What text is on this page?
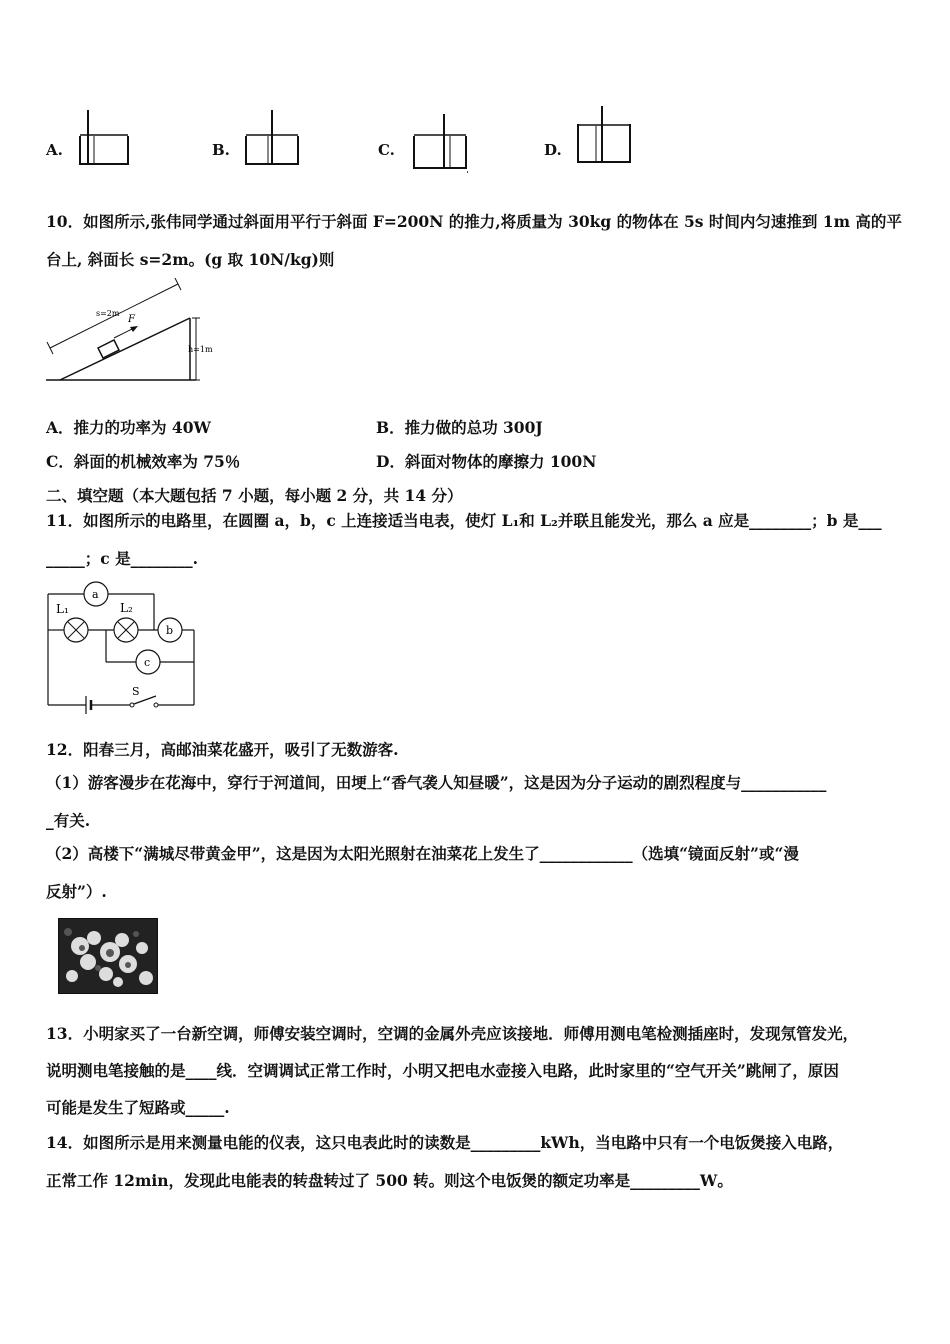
A.	B.	C.	D.
10．如图所示,张伟同学通过斜面用平行于斜面 F=200N 的推力,将质量为 30kg 的物体在 5s 时间内匀速推到 1m 高的平
台上, 斜面长 s=2m。(g 取 10N/kg)则
s=2m
F
h=1m
A．推力的功率为 40W	B．推力做的总功 300J
C．斜面的机械效率为 75％	D．斜面对物体的摩擦力 100N
二、填空题（本大题包括 7 小题，每小题 2 分，共 14 分）
11．如图所示的电路里，在圆圈 a，b，c 上连接适当电表，使灯 L₁和 L₂并联且能发光，那么 a 应是________；b 是___
_____；c 是________.
a
L₁	L₂
b
c
S
12．阳春三月，高邮油菜花盛开，吸引了无数游客.
（1）游客漫步在花海中，穿行于河道间，田埂上“香气袭人知昼暖”，这是因为分子运动的剧烈程度与___________
_有关.
（2）高楼下“满城尽带黄金甲”，这是因为太阳光照射在油菜花上发生了____________（选填“镜面反射”或“漫
反射”）.
13．小明家买了一台新空调，师傅安装空调时，空调的金属外壳应该接地．师傅用测电笔检测插座时，发现氖管发光，
说明测电笔接触的是____线．空调调试正常工作时，小明又把电水壶接入电路，此时家里的“空气开关”跳闸了，原因
可能是发生了短路或_____.
14．如图所示是用来测量电能的仪表，这只电表此时的读数是_________kWh，当电路中只有一个电饭煲接入电路，
正常工作 12min，发现此电能表的转盘转过了 500 转。则这个电饭煲的额定功率是_________W。
